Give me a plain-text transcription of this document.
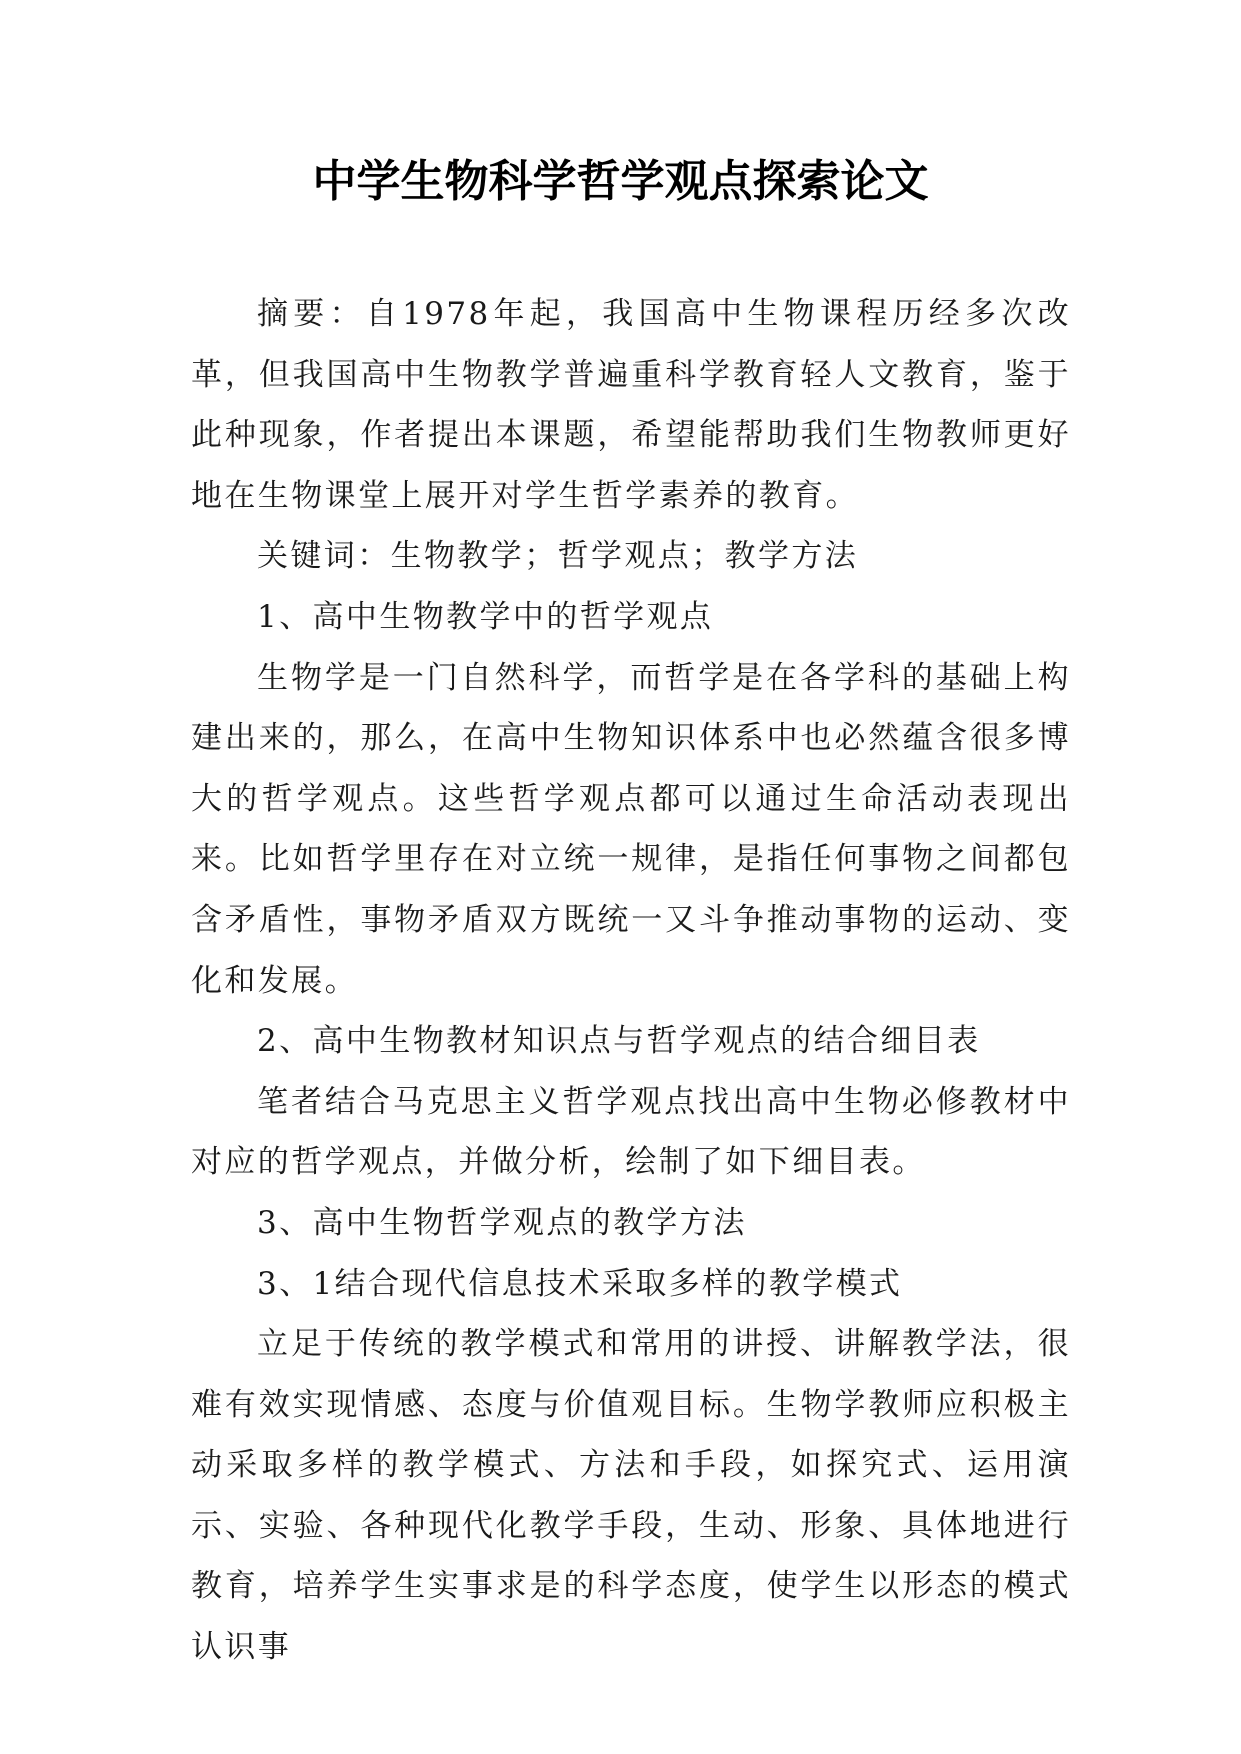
中学生物科学哲学观点探索论文

摘要：自1978年起，我国高中生物课程历经多次改革，但我国高中生物教学普遍重科学教育轻人文教育，鉴于此种现象，作者提出本课题，希望能帮助我们生物教师更好地在生物课堂上展开对学生哲学素养的教育。

关键词：生物教学；哲学观点；教学方法

1、高中生物教学中的哲学观点

生物学是一门自然科学，而哲学是在各学科的基础上构建出来的，那么，在高中生物知识体系中也必然蕴含很多博大的哲学观点。这些哲学观点都可以通过生命活动表现出来。比如哲学里存在对立统一规律，是指任何事物之间都包含矛盾性，事物矛盾双方既统一又斗争推动事物的运动、变化和发展。

2、高中生物教材知识点与哲学观点的结合细目表

笔者结合马克思主义哲学观点找出高中生物必修教材中对应的哲学观点，并做分析，绘制了如下细目表。

3、高中生物哲学观点的教学方法

3、1结合现代信息技术采取多样的教学模式

立足于传统的教学模式和常用的讲授、讲解教学法，很难有效实现情感、态度与价值观目标。生物学教师应积极主动采取多样的教学模式、方法和手段，如探究式、运用演示、实验、各种现代化教学手段，生动、形象、具体地进行教育，培养学生实事求是的科学态度，使学生以形态的模式认识事
